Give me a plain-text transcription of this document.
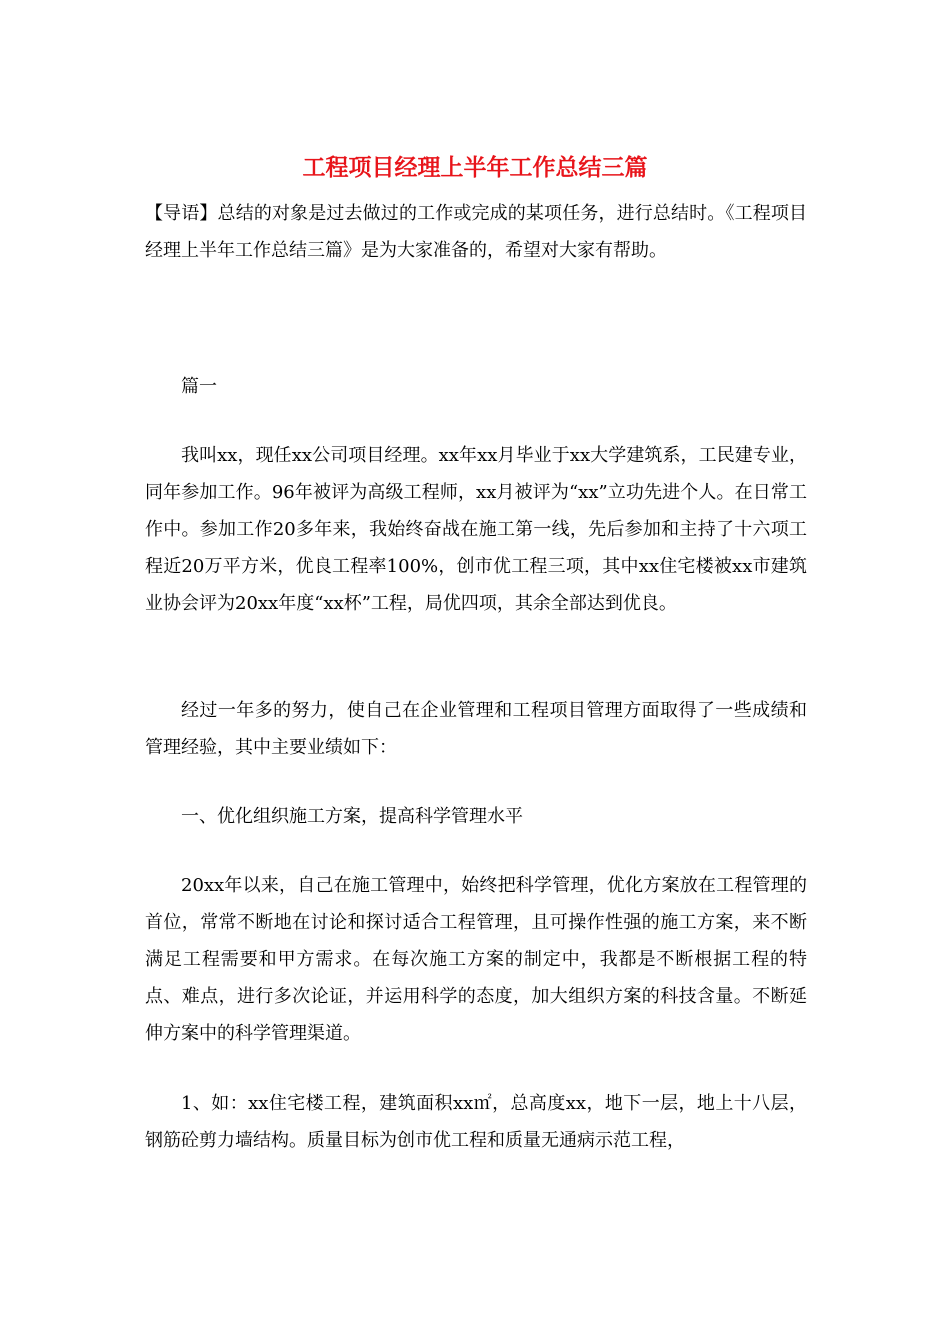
工程项目经理上半年工作总结三篇
【导语】总结的对象是过去做过的工作或完成的某项任务，进行总结时。《工程项目经理上半年工作总结三篇》是为大家准备的，希望对大家有帮助。
篇一
我叫xx，现任xx公司项目经理。xx年xx月毕业于xx大学建筑系，工民建专业，同年参加工作。96年被评为高级工程师，xx月被评为“xx”立功先进个人。在日常工作中。参加工作20多年来，我始终奋战在施工第一线，先后参加和主持了十六项工程近20万平方米，优良工程率100%，创市优工程三项，其中xx住宅楼被xx市建筑业协会评为20xx年度“xx杯”工程，局优四项，其余全部达到优良。
经过一年多的努力，使自己在企业管理和工程项目管理方面取得了一些成绩和管理经验，其中主要业绩如下：
一、优化组织施工方案，提高科学管理水平
20xx年以来，自己在施工管理中，始终把科学管理，优化方案放在工程管理的首位，常常不断地在讨论和探讨适合工程管理，且可操作性强的施工方案，来不断满足工程需要和甲方需求。在每次施工方案的制定中，我都是不断根据工程的特点、难点，进行多次论证，并运用科学的态度，加大组织方案的科技含量。不断延伸方案中的科学管理渠道。
1、如：xx住宅楼工程，建筑面积xx㎡，总高度xx，地下一层，地上十八层，钢筋砼剪力墙结构。质量目标为创市优工程和质量无通病示范工程，
